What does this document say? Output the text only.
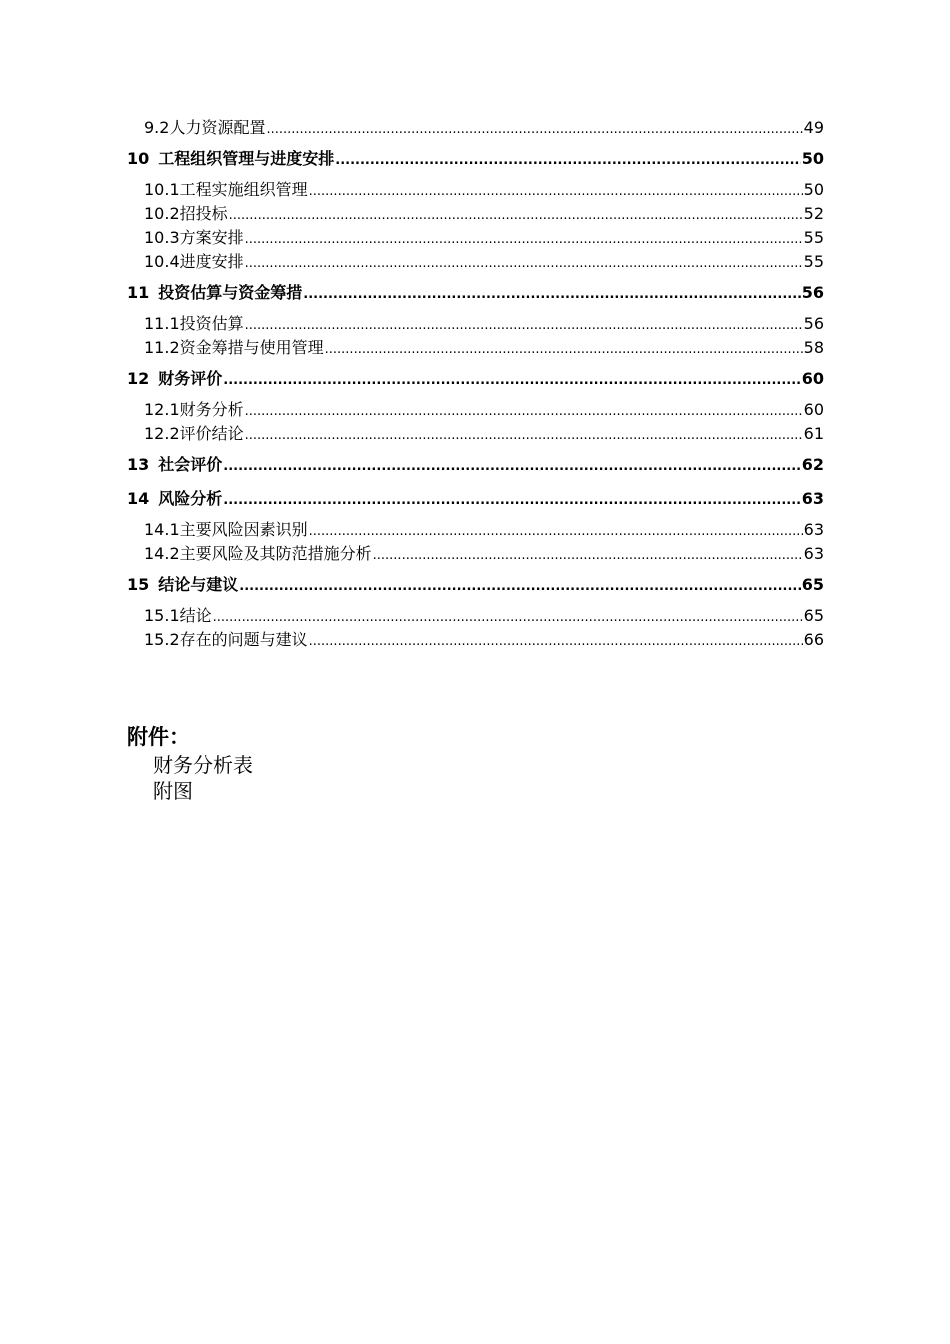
9.2 人力资源配置 .....	49
10 工程组织管理与进度安排 .....	50
10.1 工程实施组织管理 .....	50
10.2 招投标 .....	52
10.3 方案安排 .....	55
10.4 进度安排 .....	55
11 投资估算与资金筹措 .....	56
11.1 投资估算 .....	56
11.2 资金筹措与使用管理 .....	58
12 财务评价 .....	60
12.1 财务分析 .....	60
12.2 评价结论 .....	61
13 社会评价 .....	62
14 风险分析 .....	63
14.1 主要风险因素识别 .....	63
14.2 主要风险及其防范措施分析 .....	63
15 结论与建议 .....	65
15.1 结论 .....	65
15.2 存在的问题与建议 .....	66
附件：
财务分析表
附图
